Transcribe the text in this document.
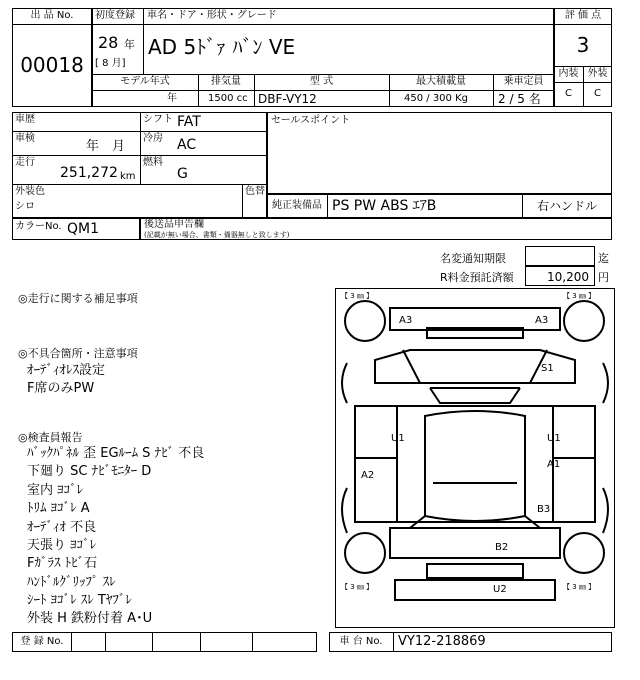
出 品 No.
00018
初度登録 車名・ドア・形状・グレード
28 年
[ 8 月]
AD 5ﾄﾞｧ ﾊﾞﾝ VE
モデル年式	排気量	型 式	最大積載量	乗車定員
年	1500 cc DBF-VY12	450 / 300 Kg	2 / 5 名
評 価 点
3
内装 外装
C	C
車歴
車検
年　月
走行
251,272 km
シフト FAT
冷房 AC
燃料
G
外装色
シロ
色替
セールスポイント
純正装備品 PS PW ABS ｴｱB	右ハンドル
カラーNo. QM1	後送品申告欄
(記載が無い場合、書類・備器無しと致します)
名変通知期限	迄
R料金預託済額	10,200 円
◎走行に関する補足事項
◎不具合箇所・注意事項
ｵｰﾃﾞｨｵﾚｽ設定
F席のみPW
◎検査員報告
ﾊﾞｯｸﾊﾟﾈﾙ 歪 EGﾙｰﾑ S ﾅﾋﾞ 不良
下廻り SC ﾅﾋﾞﾓﾆﾀｰ D
室内 ﾖｺﾞﾚ
ﾄﾘﾑ ﾖｺﾞﾚ A
ｵｰﾃﾞｨｵ 不良
天張り ﾖｺﾞﾚ
Fｶﾞﾗｽ ﾄﾋﾞ石
ﾊﾝﾄﾞﾙｸﾞﾘｯﾌﾟ ｽﾚ
ｼｰﾄ ﾖｺﾞﾚ ｽﾚ Tﾔﾌﾞﾚ
外装 H 鉄粉付着 A･U
【 3 ㎜ 】	【 3 ㎜ 】
【 3 ㎜ 】	【 3 ㎜ 】
A3	A3
S1
U1	U1
A1
A2
B3
B2
U2
登 録 No.	車 台 No.	VY12-218869
